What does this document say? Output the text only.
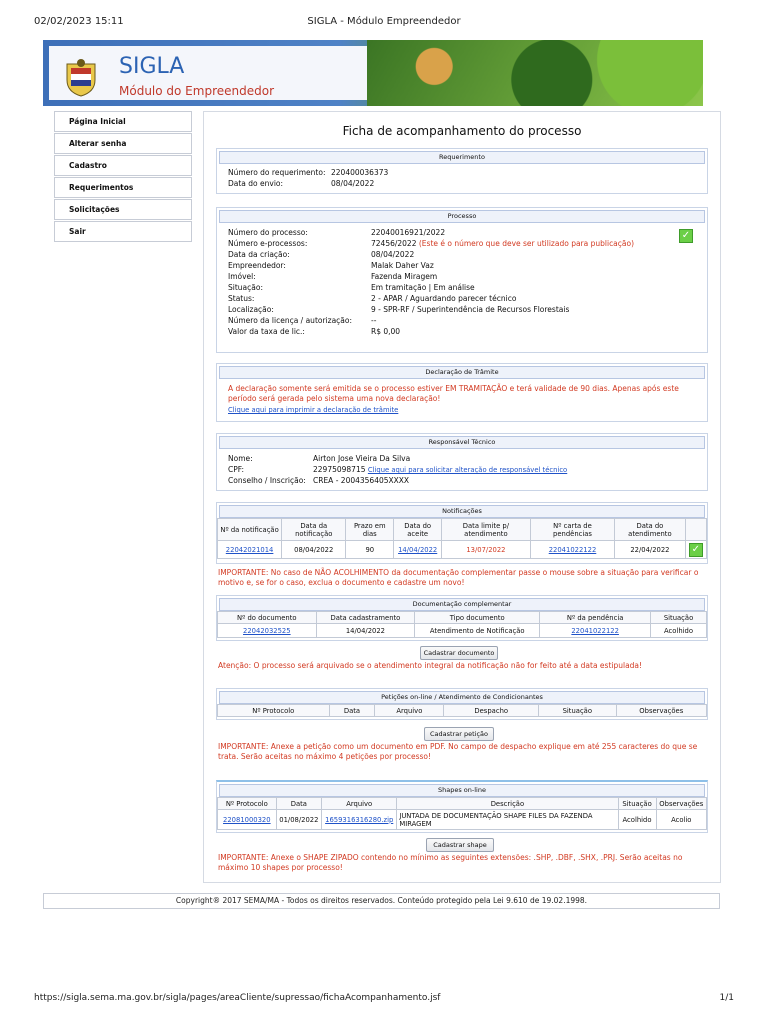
02/02/2023 15:11	SIGLA - Módulo Empreendedor
SIGLA
Módulo do Empreendedor
Página Inicial
Alterar senha
Cadastro
Requerimentos
Solicitações
Sair
Ficha de acompanhamento do processo
Requerimento
Número do requerimento: 220400036373
Data do envio:	08/04/2022
Processo
Número do processo:	22040016921/2022	✓
Número e-processos:	72456/2022 (Este é o número que deve ser utilizado para publicação)
Data da criação:	08/04/2022
Empreendedor:	Malak Daher Vaz
Imóvel:	Fazenda Miragem
Situação:	Em tramitação | Em análise
Status:	2 - APAR / Aguardando parecer técnico
Localização:	9 - SPR-RF / Superintendência de Recursos Florestais
Número da licença / autorização:	--
Valor da taxa de lic.:	R$ 0,00
Declaração de Trâmite
A declaração somente será emitida se o processo estiver EM TRAMITAÇÃO e terá validade de 90 dias. Apenas após este período será gerada pelo sistema uma nova declaração!
Clique aqui para imprimir a declaração de trâmite
Responsável Técnico
Nome:	Airton Jose Vieira Da Silva
CPF:	22975098715 Clique aqui para solicitar alteração de responsável técnico
Conselho / Inscrição: CREA - 2004356405XXXX
Notificações
Nº da notificação	Data da notificação	Prazo em dias	Data do aceite	Data limite p/ atendimento	Nº carta de pendências	Data do atendimento	
22042021014	08/04/2022	90	14/04/2022	13/07/2022	22041022122	22/04/2022	✓
IMPORTANTE: No caso de NÃO ACOLHIMENTO da documentação complementar passe o mouse sobre a situação para verificar o motivo e, se for o caso, exclua o documento e cadastre um novo!
Documentação complementar
Nº do documento	Data cadastramento	Tipo documento	Nº da pendência	Situação
22042032525	14/04/2022	Atendimento de Notificação	22041022122	Acolhido
Cadastrar documento
Atenção: O processo será arquivado se o atendimento integral da notificação não for feito até a data estipulada!
Petições on-line / Atendimento de Condicionantes
Nº Protocolo	Data	Arquivo	Despacho	Situação	Observações
Cadastrar petição
IMPORTANTE: Anexe a petição como um documento em PDF. No campo de despacho explique em até 255 caracteres do que se trata. Serão aceitas no máximo 4 petições por processo!
Shapes on-line
Nº Protocolo	Data	Arquivo	Descrição	Situação	Observações
22081000320	01/08/2022	1659316316280.zip	JUNTADA DE DOCUMENTAÇÃO SHAPE FILES DA FAZENDA MIRAGEM	Acolhido	Acolio
Cadastrar shape
IMPORTANTE: Anexe o SHAPE ZIPADO contendo no mínimo as seguintes extensões: .SHP, .DBF, .SHX, .PRJ. Serão aceitas no máximo 10 shapes por processo!
Copyright® 2017 SEMA/MA - Todos os direitos reservados. Conteúdo protegido pela Lei 9.610 de 19.02.1998.
https://sigla.sema.ma.gov.br/sigla/pages/areaCliente/supressao/fichaAcompanhamento.jsf	1/1
